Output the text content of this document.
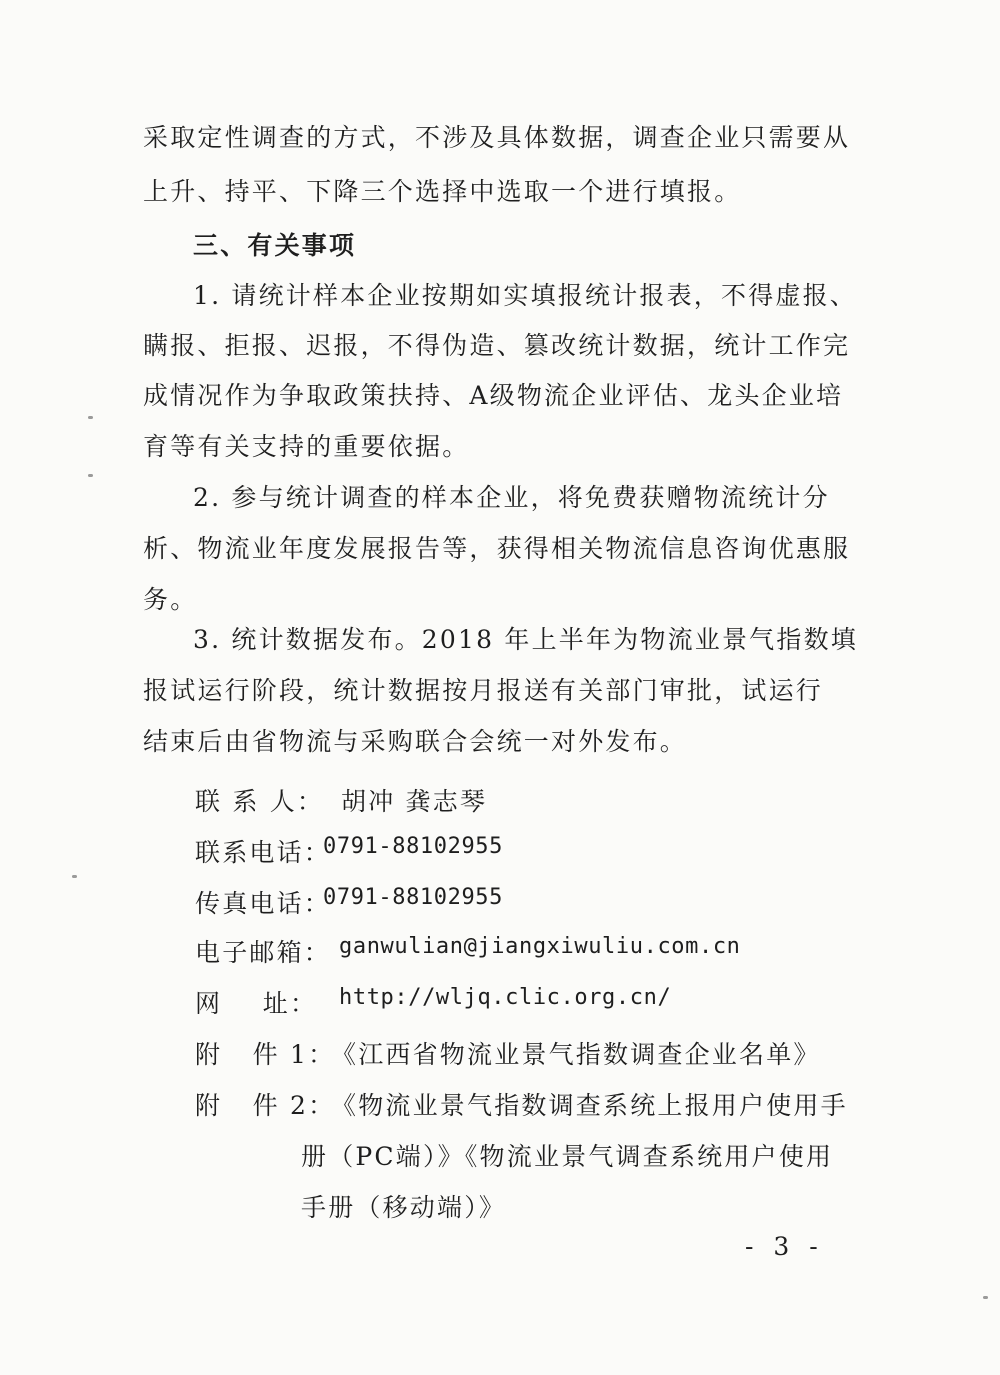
采取定性调查的方式，不涉及具体数据，调查企业只需要从
上升、持平、下降三个选择中选取一个进行填报。
三、有关事项
1. 请统计样本企业按期如实填报统计报表，不得虚报、
瞒报、拒报、迟报，不得伪造、篡改统计数据，统计工作完
成情况作为争取政策扶持、A级物流企业评估、龙头企业培
育等有关支持的重要依据。
2. 参与统计调查的样本企业，将免费获赠物流统计分
析、物流业年度发展报告等，获得相关物流信息咨询优惠服
务。
3. 统计数据发布。2018 年上半年为物流业景气指数填
报试运行阶段，统计数据按月报送有关部门审批，试运行
结束后由省物流与采购联合会统一对外发布。
联 系 人： 胡冲 龚志琴
联系电话：
0791-88102955
传真电话：
0791-88102955
电子邮箱： ganwulian@jiangxiwuliu.com.cn
网    址： http://wljq.clic.org.cn/
附   件 1：
《江西省物流业景气指数调查企业名单》
附   件 2：
《物流业景气指数调查系统上报用户使用手
册（PC端）》《物流业景气调查系统用户使用
手册（移动端）》
- 3 -
